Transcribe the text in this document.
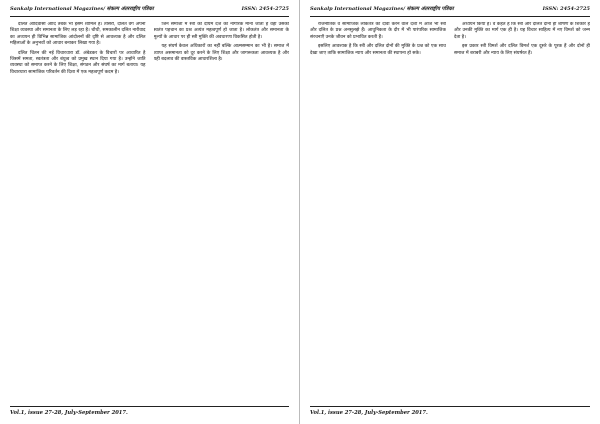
Sankalp International Magazines/ संकल्प अंतरराष्ट्रीय पत्रिका	ISSN: 2454-2725

दलित आदिवासी आदि तबके भी इसमें शामिल हैं। तीसरी, दलित वर्ग अपनी शिक्षा व्यवस्था और समानता के लिए लड़ रहा है। चौथी, समकालीन दलित नारीवाद का अध्ययन ही विभिन्न सामाजिक आंदोलनों की दृष्टि से आवश्यक है और दलित महिलाओं के अनुभवों को आधार बनाकर लिखा गया है।

दलित चिंतन की नई विचारधारा डॉ. अंबेडकर के विचारों पर आधारित है जिसमें समता, स्वतंत्रता और बंधुत्व को प्रमुख स्थान दिया गया है। उन्होंने जाति व्यवस्था को समाप्त करने के लिए शिक्षा, संगठन और संघर्ष का मार्ग बताया। यह विचारधारा सामाजिक परिवर्तन की दिशा में एक महत्वपूर्ण कदम है।

जिन समाजों में स्त्री को दोयम दर्जे का नागरिक माना जाता है वहाँ उसकी स्वतंत्र पहचान का प्रश्न अत्यंत महत्वपूर्ण हो जाता है। लोकतंत्र और समानता के मूल्यों के आधार पर ही स्त्री मुक्ति की अवधारणा विकसित होती है।

यह संघर्ष केवल अधिकारों का नहीं बल्कि आत्मसम्मान का भी है। समाज में व्याप्त असमानता को दूर करने के लिए शिक्षा और जागरूकता आवश्यक है और यही बदलाव की वास्तविक आधारशिला है।

Vol.1, issue 27-28, July-September 2017.
Sankalp International Magazines/ संकल्प अंतरराष्ट्रीय पत्रिका	ISSN: 2454-2725

राजनीतिक व सामाजिक लोकतंत्र का दावा करने वाले देशों में आज भी स्त्री और दलित के प्रश्न अनसुलझे हैं। आधुनिकता के दौर में भी पारंपरिक सामाजिक संरचनाएँ उनके जीवन को प्रभावित करती हैं।

इसलिए आवश्यक है कि स्त्री और दलित दोनों की मुक्ति के प्रश्न को एक साथ देखा जाए ताकि सामाजिक न्याय और समानता की स्थापना हो सके।

अध्ययन किया है। वे कहते हैं कि स्त्री और दलित दोनों ही शोषण के शिकार हैं और उनकी मुक्ति का मार्ग एक ही है। यह विचार साहित्य में नए विमर्श को जन्म देता है।

इस प्रकार स्त्री विमर्श और दलित विमर्श एक दूसरे के पूरक हैं और दोनों ही समाज में बराबरी और न्याय के लिए संघर्षरत हैं।

Vol.1, issue 27-28, July-September 2017.
